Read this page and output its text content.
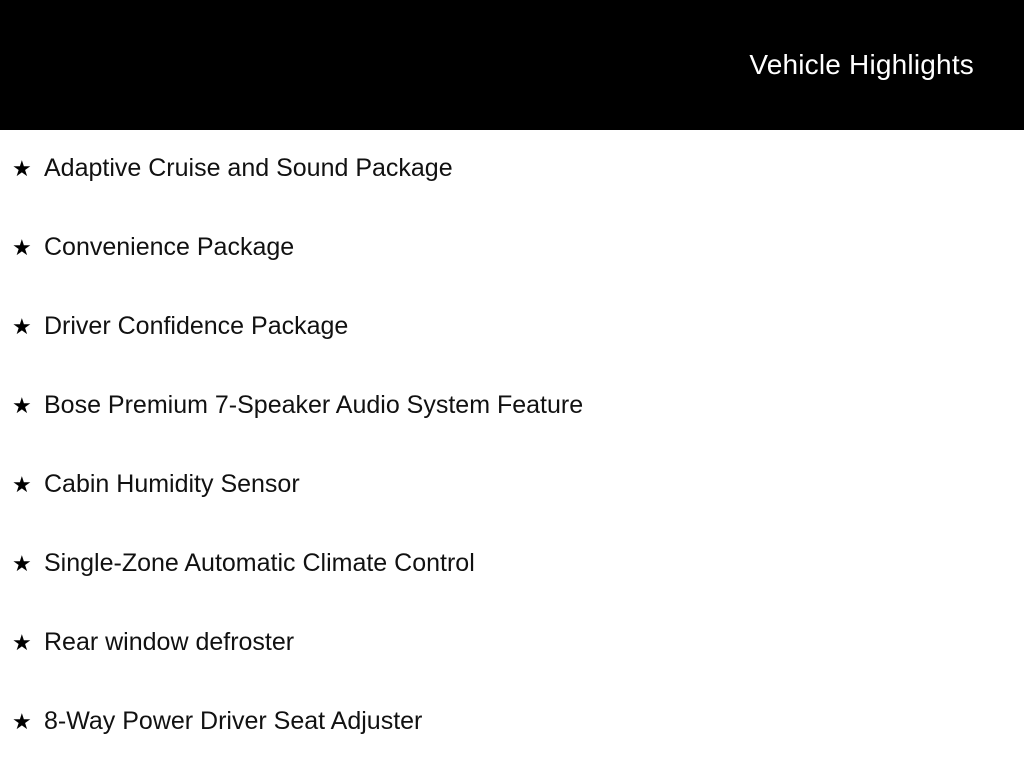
Vehicle Highlights
★ Adaptive Cruise and Sound Package
★ Convenience Package
★ Driver Confidence Package
★ Bose Premium 7-Speaker Audio System Feature
★ Cabin Humidity Sensor
★ Single-Zone Automatic Climate Control
★ Rear window defroster
★ 8-Way Power Driver Seat Adjuster
